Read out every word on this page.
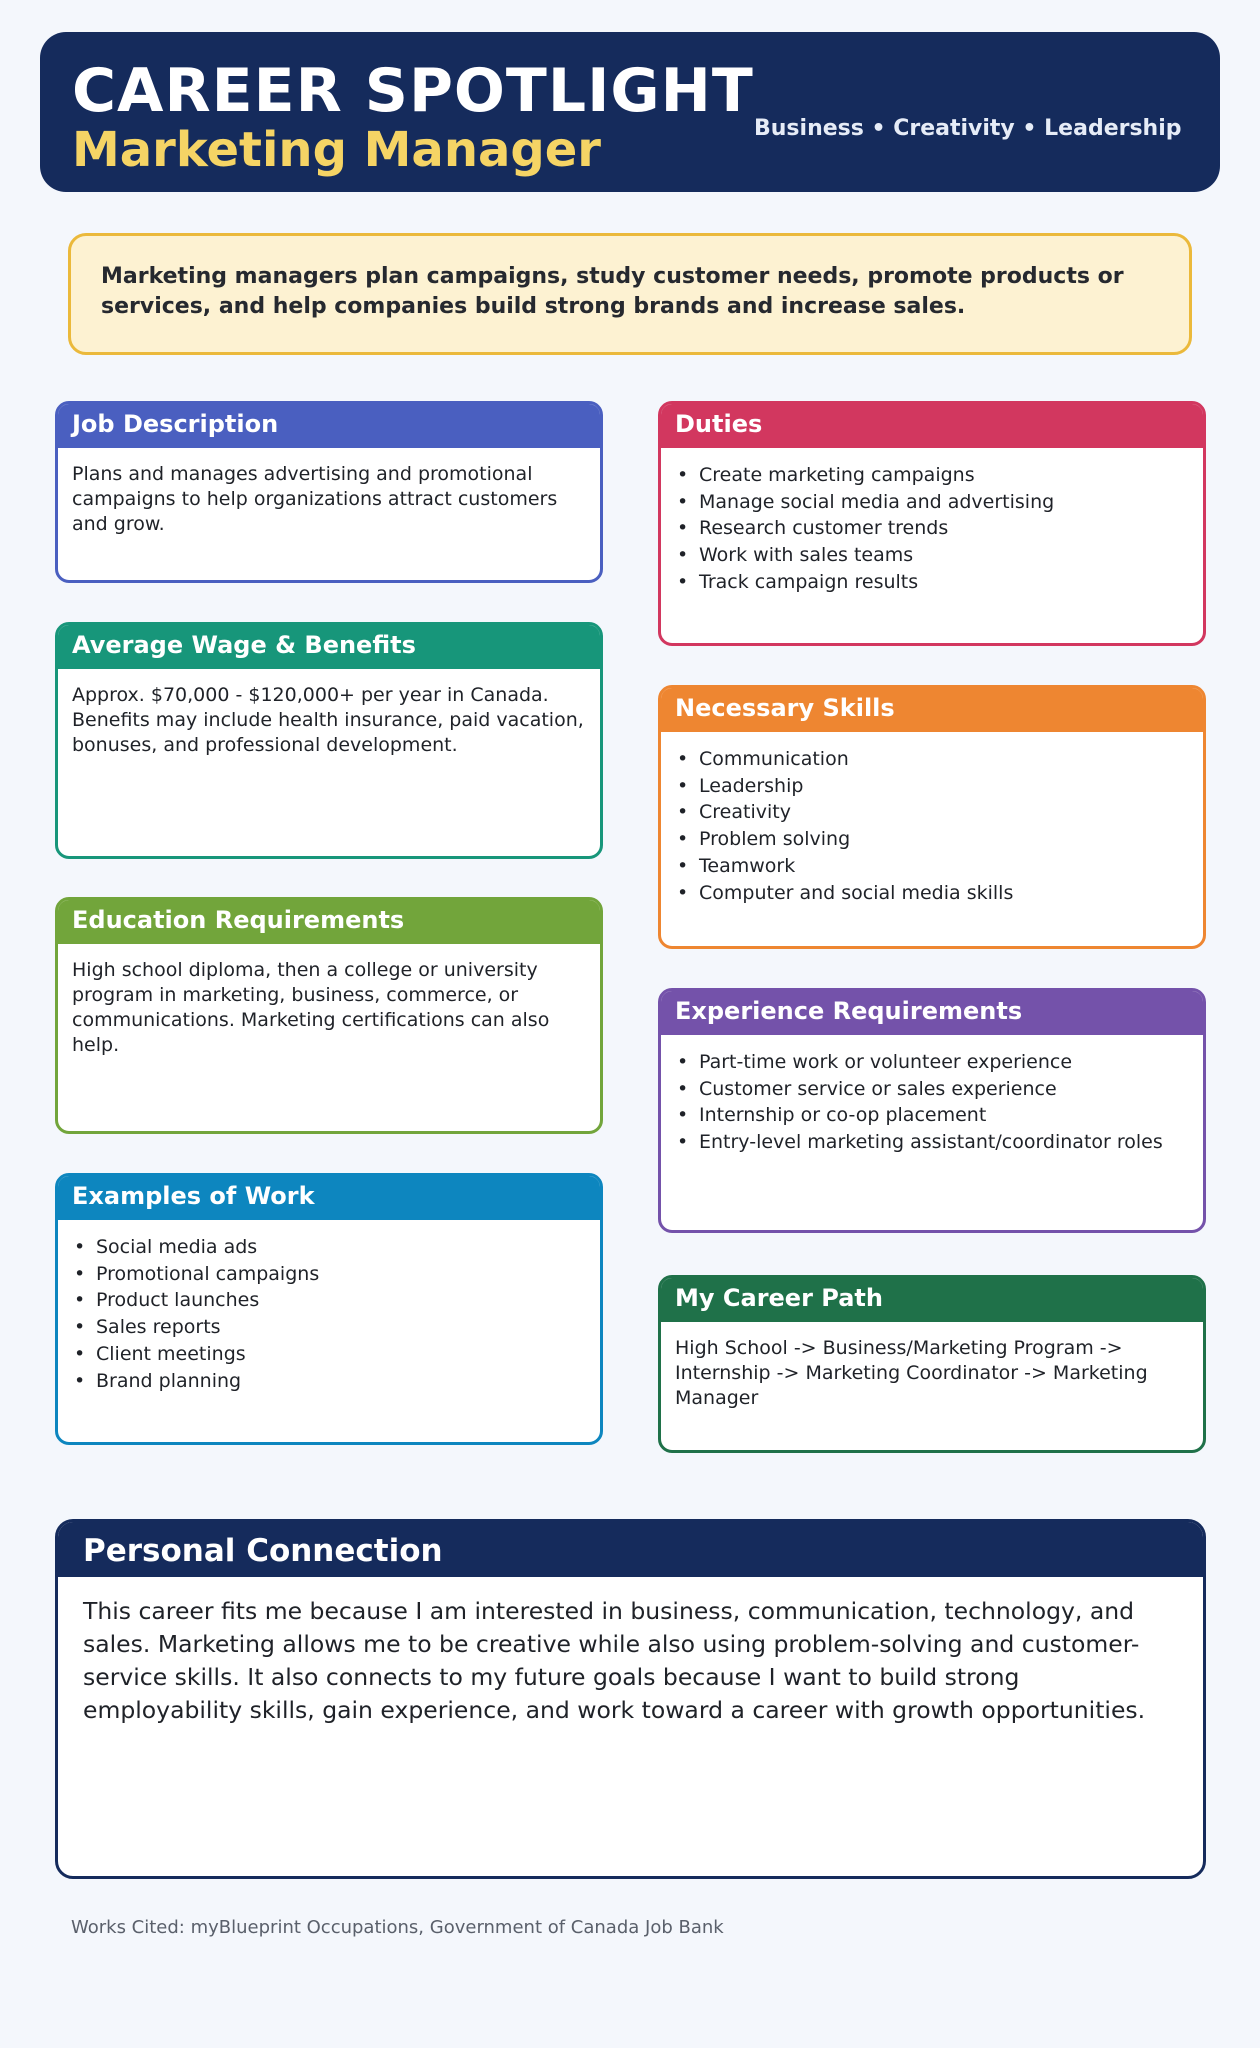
CAREER SPOTLIGHT
Business • Creativity • Leadership
Marketing Manager
Marketing managers plan campaigns, study customer needs, promote products or services, and help companies build strong brands and increase sales.
Job Description
Plans and manages advertising and promotional campaigns to help organizations attract customers and grow.
Average Wage & Benefits
Approx. $70,000 - $120,000+ per year in Canada. Benefits may include health insurance, paid vacation, bonuses, and professional development.
Education Requirements
High school diploma, then a college or university program in marketing, business, commerce, or communications. Marketing certifications can also help.
Examples of Work
• Social media ads
• Promotional campaigns
• Product launches
• Sales reports
• Client meetings
• Brand planning
Duties
• Create marketing campaigns
• Manage social media and advertising
• Research customer trends
• Work with sales teams
• Track campaign results
Necessary Skills
• Communication
• Leadership
• Creativity
• Problem solving
• Teamwork
• Computer and social media skills
Experience Requirements
• Part-time work or volunteer experience
• Customer service or sales experience
• Internship or co-op placement
• Entry-level marketing assistant/coordinator roles
My Career Path
High School -> Business/Marketing Program -> Internship -> Marketing Coordinator -> Marketing Manager
Personal Connection
This career fits me because I am interested in business, communication, technology, and sales. Marketing allows me to be creative while also using problem-solving and customer-service skills. It also connects to my future goals because I want to build strong employability skills, gain experience, and work toward a career with growth opportunities.
Works Cited: myBlueprint Occupations, Government of Canada Job Bank
